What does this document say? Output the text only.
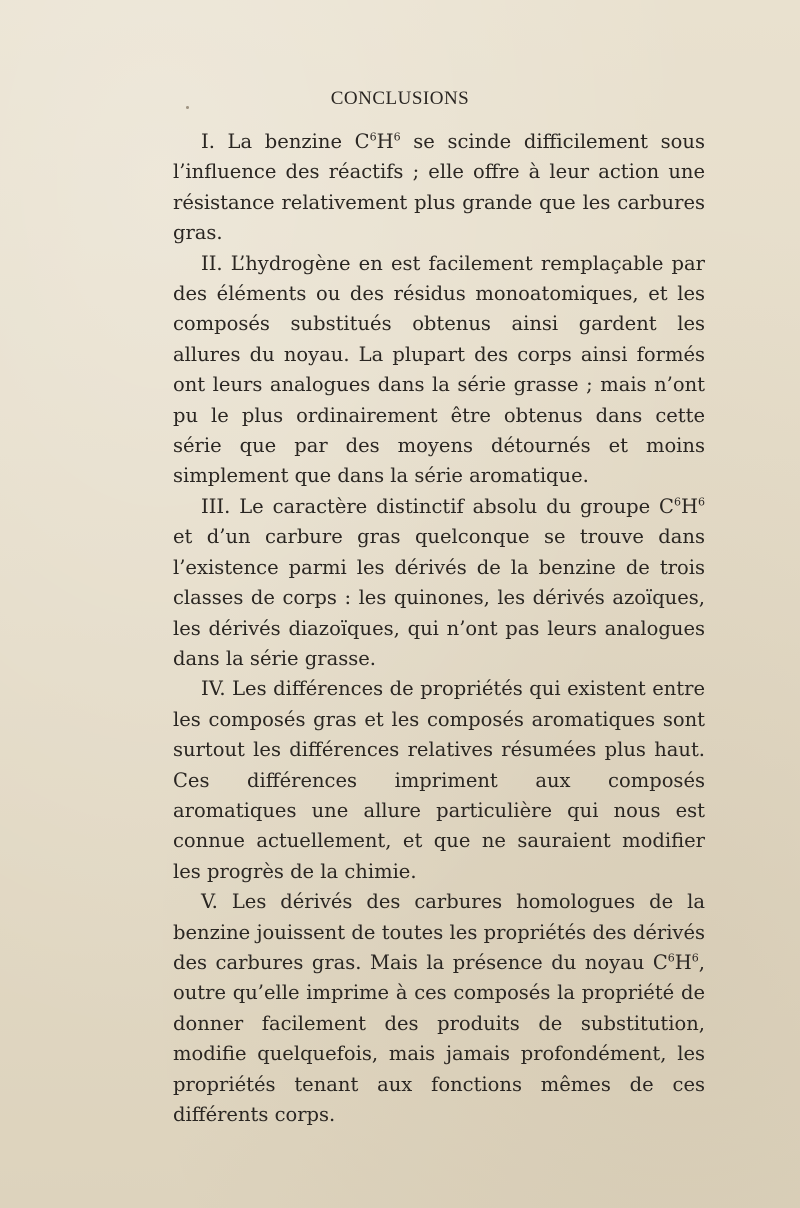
CONCLUSIONS

I. La benzine $C^6H^6$ se scinde difficilement sous l’influence des réactifs ; elle offre à leur action une résistance relativement plus grande que les carbures gras.

II. L’hydrogène en est facilement remplaçable par des éléments ou des résidus monoatomiques, et les composés substitués obtenus ainsi gardent les allures du noyau. La plupart des corps ainsi formés ont leurs analogues dans la série grasse ; mais n’ont pu le plus ordinairement être obtenus dans cette série que par des moyens détournés et moins simplement que dans la série aromatique.

III. Le caractère distinctif absolu du groupe $C^6H^6$ et d’un carbure gras quelconque se trouve dans l’existence parmi les dérivés de la benzine de trois classes de corps : les quinones, les dérivés azoïques, les dérivés diazoïques, qui n’ont pas leurs analogues dans la série grasse.

IV. Les différences de propriétés qui existent entre les composés gras et les composés aromatiques sont surtout les différences relatives résumées plus haut. Ces différences impriment aux composés aromatiques une allure particulière qui nous est connue actuellement, et que ne sauraient modifier les progrès de la chimie.

V. Les dérivés des carbures homologues de la benzine jouissent de toutes les propriétés des dérivés des carbures gras. Mais la présence du noyau $C^6H^6$, outre qu’elle imprime à ces composés la propriété de donner facilement des produits de substitution, modifie quelquefois, mais jamais profondément, les propriétés tenant aux fonctions mêmes de ces différents corps.
